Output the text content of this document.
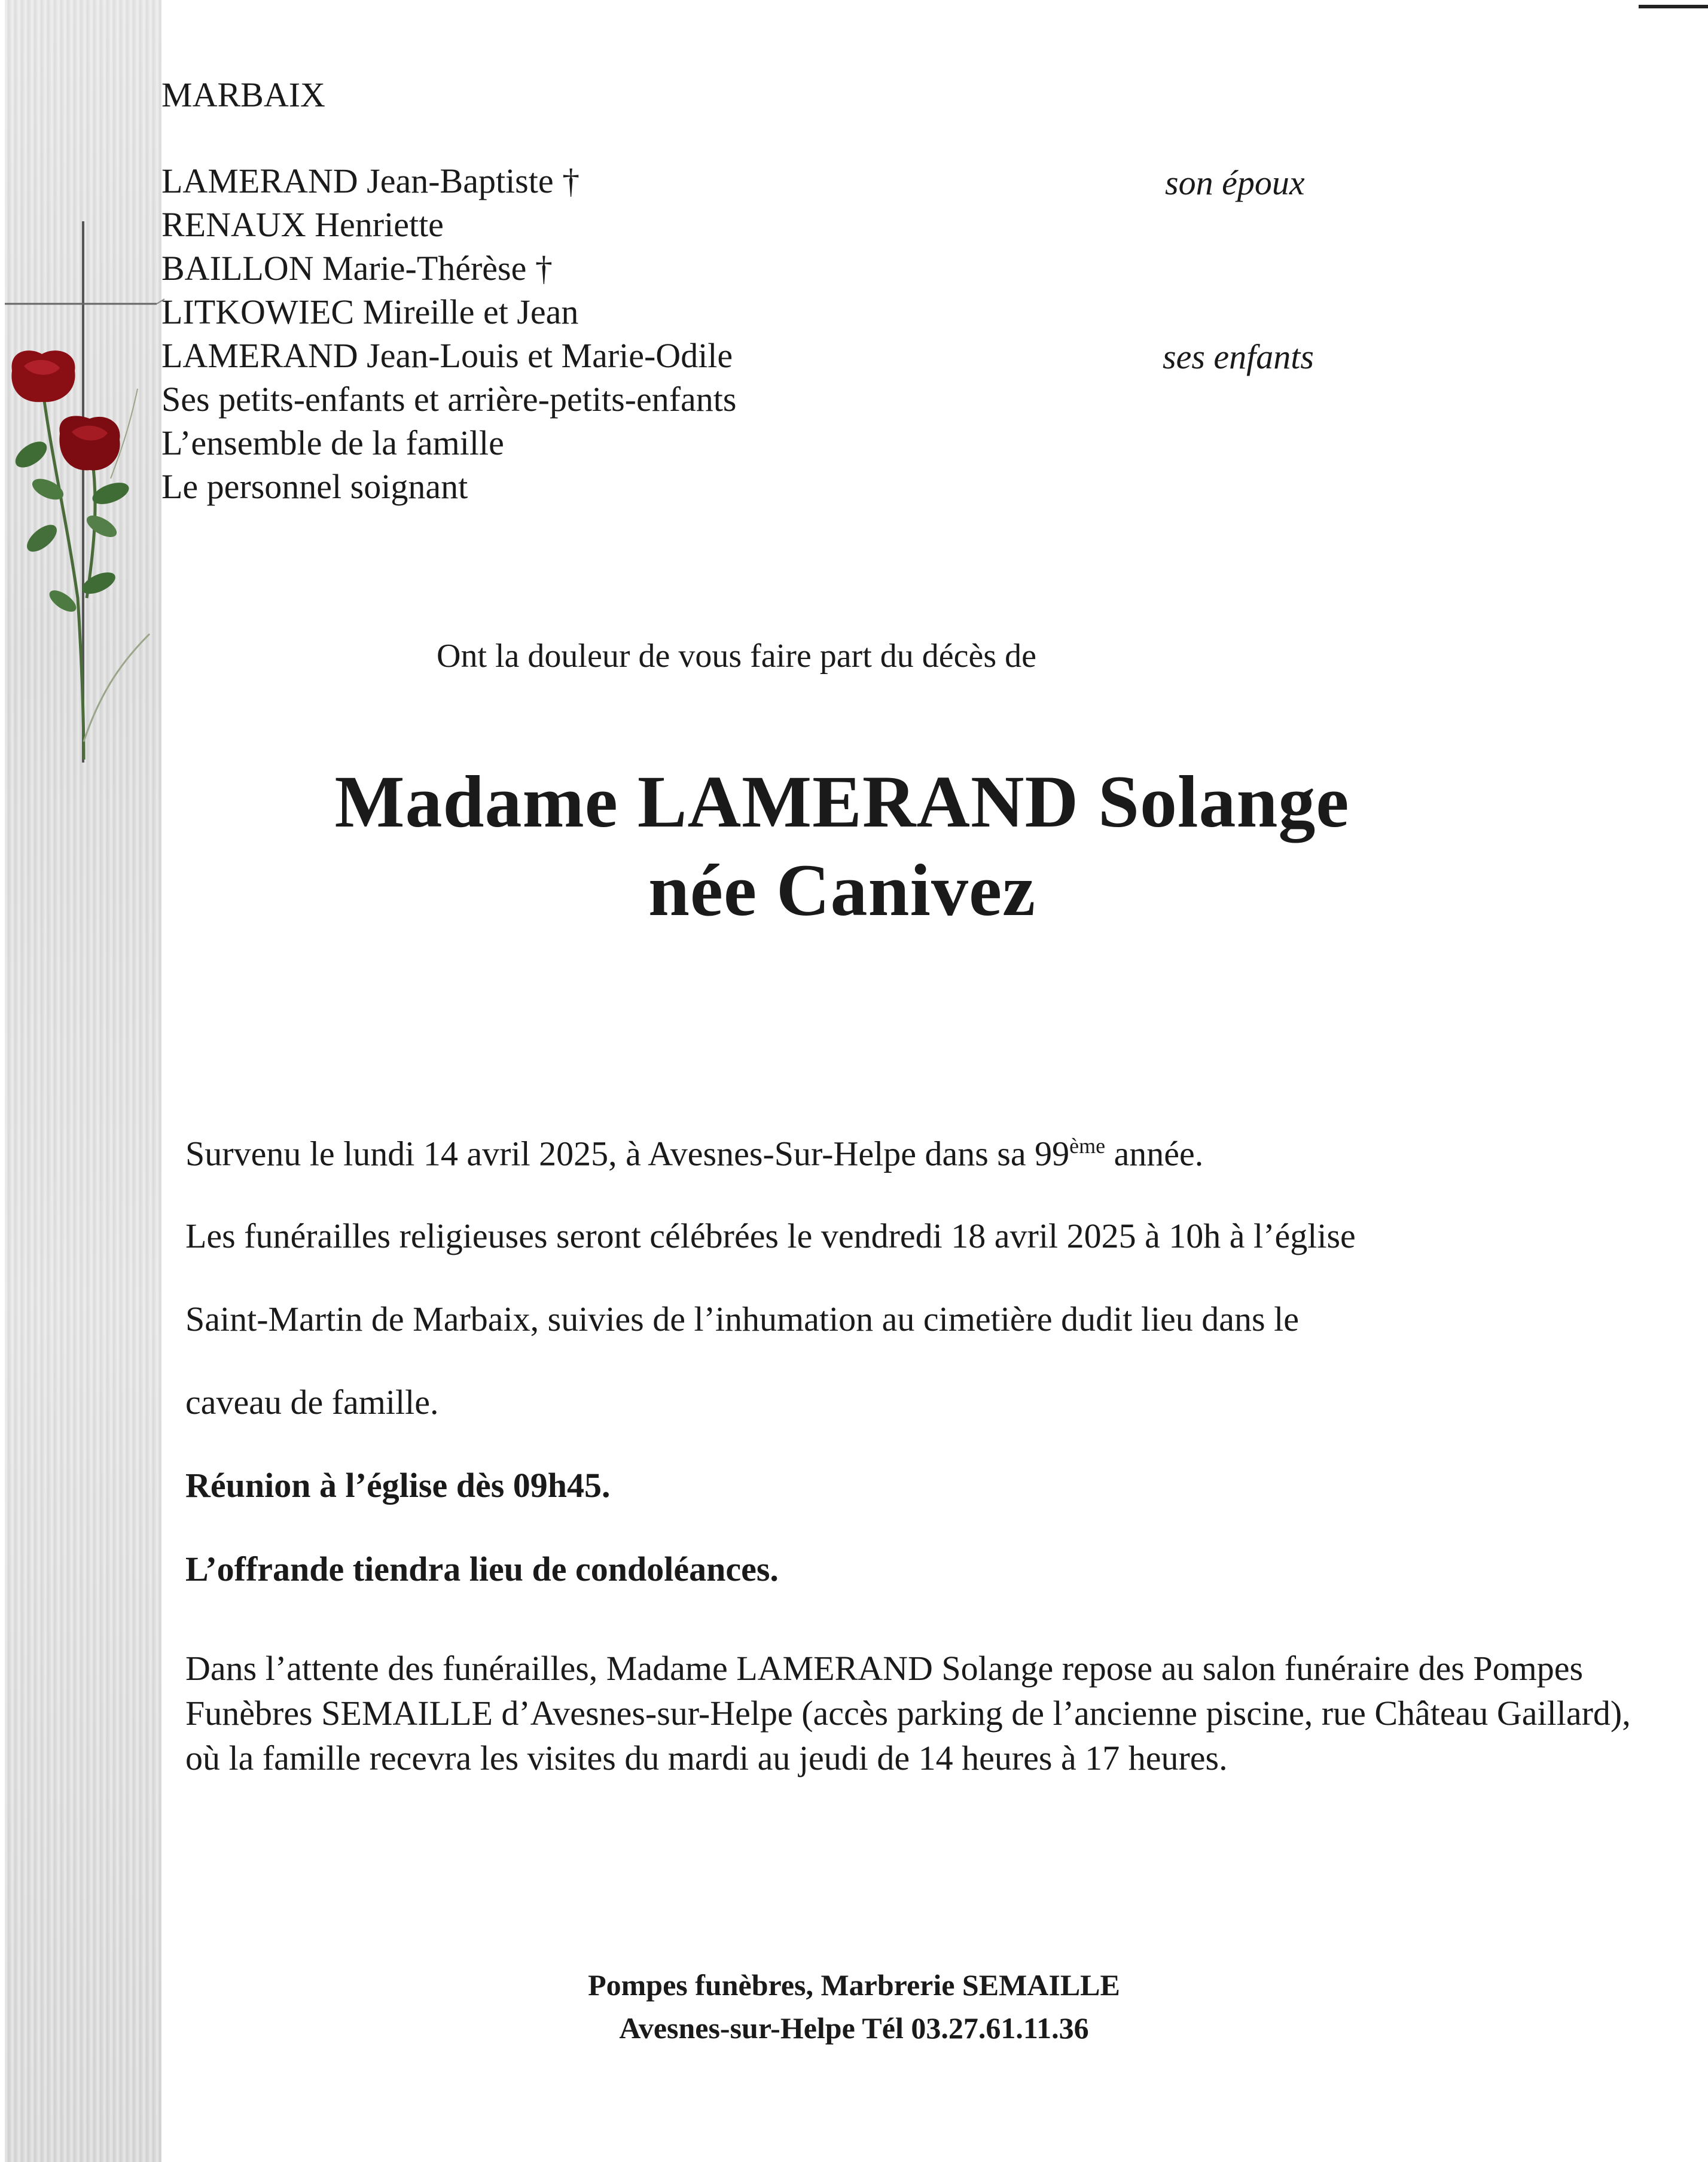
MARBAIX
LAMERAND Jean-Baptiste †
RENAUX Henriette
BAILLON Marie-Thérèse †
LITKOWIEC Mireille et Jean
LAMERAND Jean-Louis et Marie-Odile
Ses petits-enfants et arrière-petits-enfants
L’ensemble de la famille
Le personnel soignant
son époux
ses enfants
Ont la douleur de vous faire part du décès de
Madame LAMERAND Solange
née Canivez
Survenu le lundi 14 avril 2025, à Avesnes-Sur-Helpe dans sa 99ème année.
Les funérailles religieuses seront célébrées le vendredi 18 avril 2025 à 10h à l’église
Saint-Martin de Marbaix, suivies de l’inhumation au cimetière dudit lieu dans le
caveau de famille.
Réunion à l’église dès 09h45.
L’offrande tiendra lieu de condoléances.
Dans l’attente des funérailles, Madame LAMERAND Solange repose au salon funéraire des Pompes Funèbres SEMAILLE d’Avesnes-sur-Helpe (accès parking de l’ancienne piscine, rue Château Gaillard), où la famille recevra les visites du mardi au jeudi de 14 heures à 17 heures.
Pompes funèbres, Marbrerie SEMAILLE
Avesnes-sur-Helpe Tél 03.27.61.11.36
